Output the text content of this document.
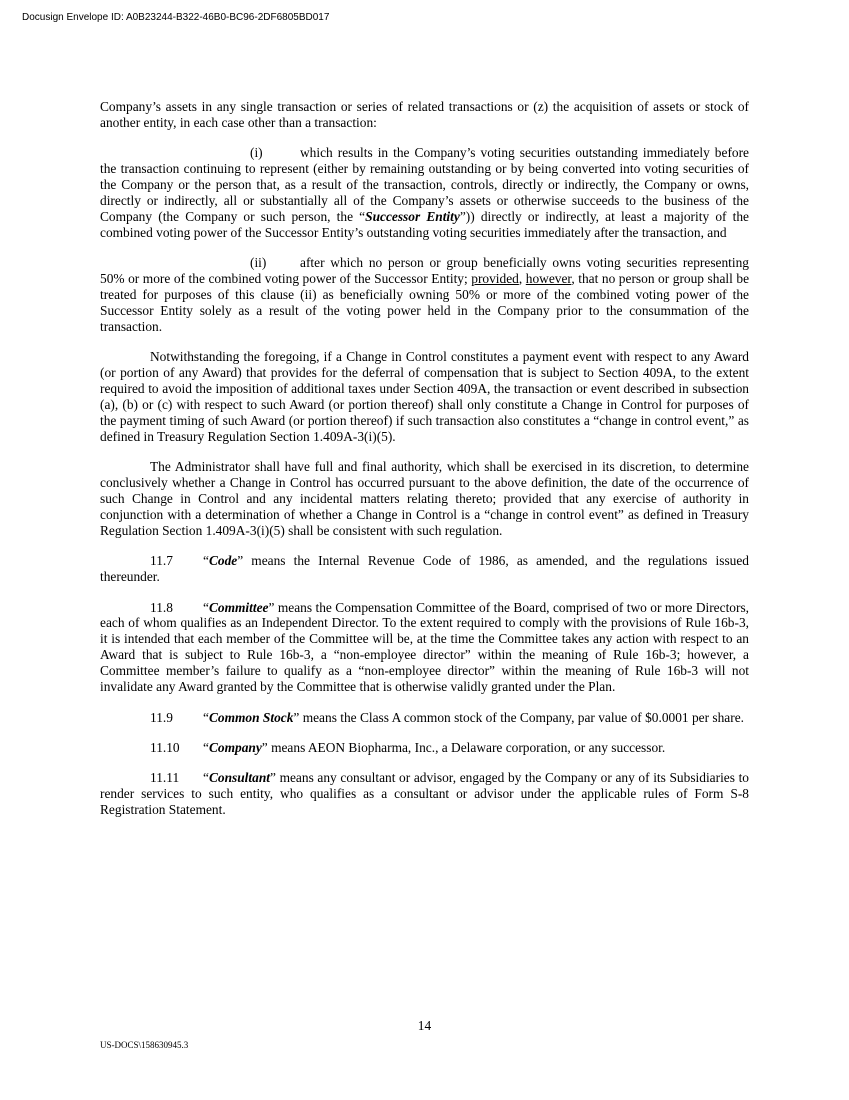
Docusign Envelope ID: A0B23244-B322-46B0-BC96-2DF6805BD017

Company’s assets in any single transaction or series of related transactions or (z) the acquisition of assets or stock of another entity, in each case other than a transaction:

(i)	which results in the Company’s voting securities outstanding immediately before the transaction continuing to represent (either by remaining outstanding or by being converted into voting securities of the Company or the person that, as a result of the transaction, controls, directly or indirectly, the Company or owns, directly or indirectly, all or substantially all of the Company’s assets or otherwise succeeds to the business of the Company (the Company or such person, the “Successor Entity”)) directly or indirectly, at least a majority of the combined voting power of the Successor Entity’s outstanding voting securities immediately after the transaction, and

(ii)	after which no person or group beneficially owns voting securities representing 50% or more of the combined voting power of the Successor Entity; provided, however, that no person or group shall be treated for purposes of this clause (ii) as beneficially owning 50% or more of the combined voting power of the Successor Entity solely as a result of the voting power held in the Company prior to the consummation of the transaction.

Notwithstanding the foregoing, if a Change in Control constitutes a payment event with respect to any Award (or portion of any Award) that provides for the deferral of compensation that is subject to Section 409A, to the extent required to avoid the imposition of additional taxes under Section 409A, the transaction or event described in subsection (a), (b) or (c) with respect to such Award (or portion thereof) shall only constitute a Change in Control for purposes of the payment timing of such Award (or portion thereof) if such transaction also constitutes a “change in control event,” as defined in Treasury Regulation Section 1.409A-3(i)(5).

The Administrator shall have full and final authority, which shall be exercised in its discretion, to determine conclusively whether a Change in Control has occurred pursuant to the above definition, the date of the occurrence of such Change in Control and any incidental matters relating thereto; provided that any exercise of authority in conjunction with a determination of whether a Change in Control is a “change in control event” as defined in Treasury Regulation Section 1.409A-3(i)(5) shall be consistent with such regulation.

11.7 “Code” means the Internal Revenue Code of 1986, as amended, and the regulations issued thereunder.

11.8 “Committee” means the Compensation Committee of the Board, comprised of two or more Directors, each of whom qualifies as an Independent Director. To the extent required to comply with the provisions of Rule 16b-3, it is intended that each member of the Committee will be, at the time the Committee takes any action with respect to an Award that is subject to Rule 16b-3, a “non-employee director” within the meaning of Rule 16b-3; however, a Committee member’s failure to qualify as a “non-employee director” within the meaning of Rule 16b-3 will not invalidate any Award granted by the Committee that is otherwise validly granted under the Plan.

11.9 “Common Stock” means the Class A common stock of the Company, par value of $0.0001 per share.

11.10 “Company” means AEON Biopharma, Inc., a Delaware corporation, or any successor.

11.11 “Consultant” means any consultant or advisor, engaged by the Company or any of its Subsidiaries to render services to such entity, who qualifies as a consultant or advisor under the applicable rules of Form S-8 Registration Statement.

14
US-DOCS\158630945.3
